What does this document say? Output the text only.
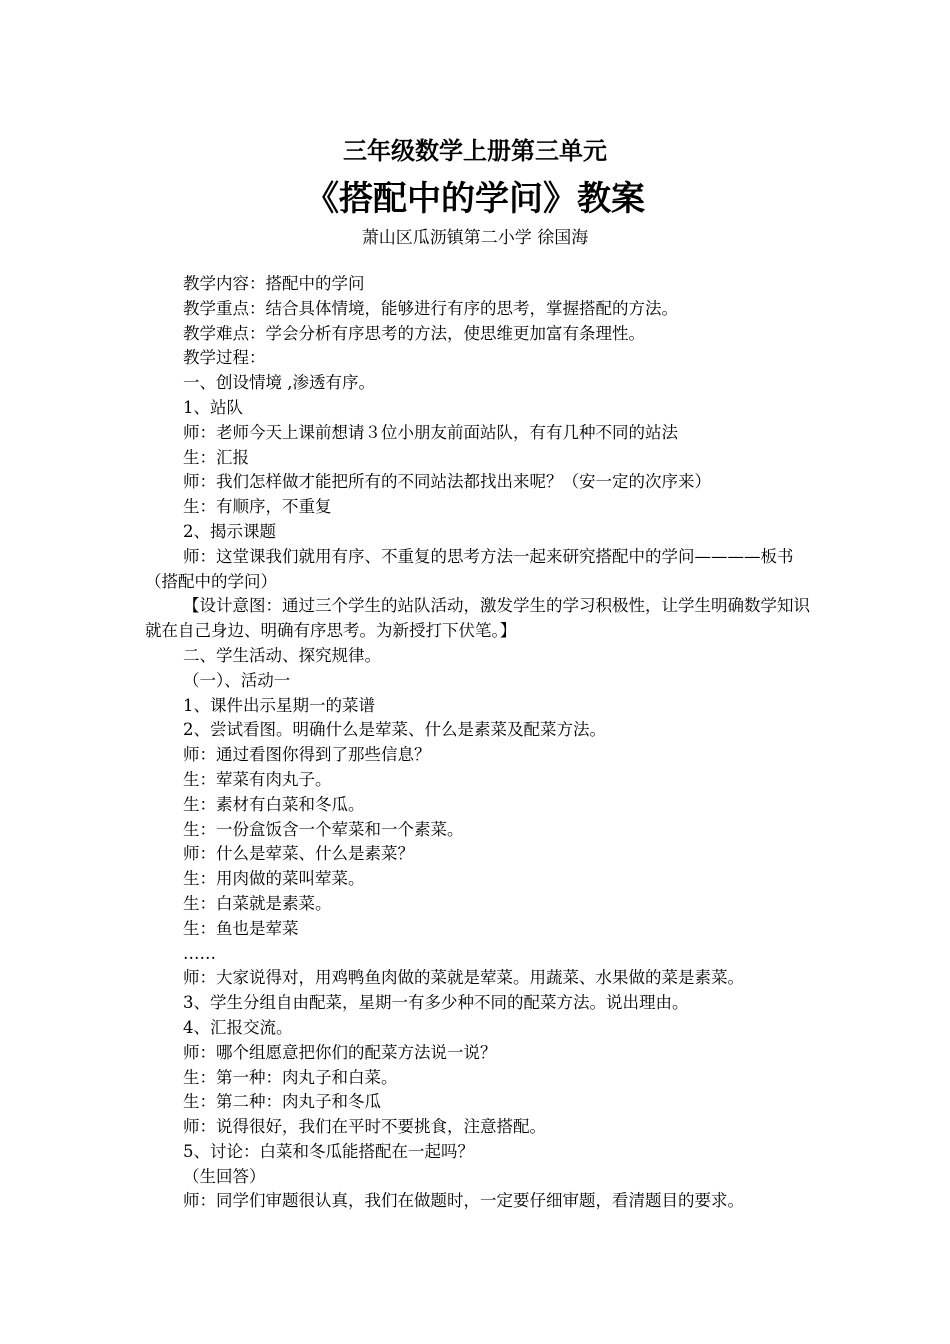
三年级数学上册第三单元
《搭配中的学问》教案
萧山区瓜沥镇第二小学 徐国海

教学内容：搭配中的学问

教学重点：结合具体情境，能够进行有序的思考，掌握搭配的方法。

教学难点：学会分析有序思考的方法，使思维更加富有条理性。

教学过程：

一、创设情境 ,渗透有序。

1、站队

师：老师今天上课前想请３位小朋友前面站队，有有几种不同的站法

生：汇报

师：我们怎样做才能把所有的不同站法都找出来呢？（安一定的次序来）

生：有顺序，不重复

2、揭示课题

师：这堂课我们就用有序、不重复的思考方法一起来研究搭配中的学问————板书（搭配中的学问）

【设计意图：通过三个学生的站队活动，激发学生的学习积极性，让学生明确数学知识就在自己身边、明确有序思考。为新授打下伏笔。】

二、学生活动、探究规律。

（一）、活动一

1、课件出示星期一的菜谱

2、尝试看图。明确什么是荤菜、什么是素菜及配菜方法。

师：通过看图你得到了那些信息？

生：荤菜有肉丸子。

生：素材有白菜和冬瓜。

生：一份盒饭含一个荤菜和一个素菜。

师：什么是荤菜、什么是素菜？

生：用肉做的菜叫荤菜。

生：白菜就是素菜。

生：鱼也是荤菜

……

师：大家说得对，用鸡鸭鱼肉做的菜就是荤菜。用蔬菜、水果做的菜是素菜。

3、学生分组自由配菜，星期一有多少种不同的配菜方法。说出理由。

4、汇报交流。

师：哪个组愿意把你们的配菜方法说一说？

生：第一种：肉丸子和白菜。

生：第二种：肉丸子和冬瓜

师：说得很好，我们在平时不要挑食，注意搭配。

5、讨论：白菜和冬瓜能搭配在一起吗？

（生回答）

师：同学们审题很认真，我们在做题时，一定要仔细审题，看清题目的要求。
